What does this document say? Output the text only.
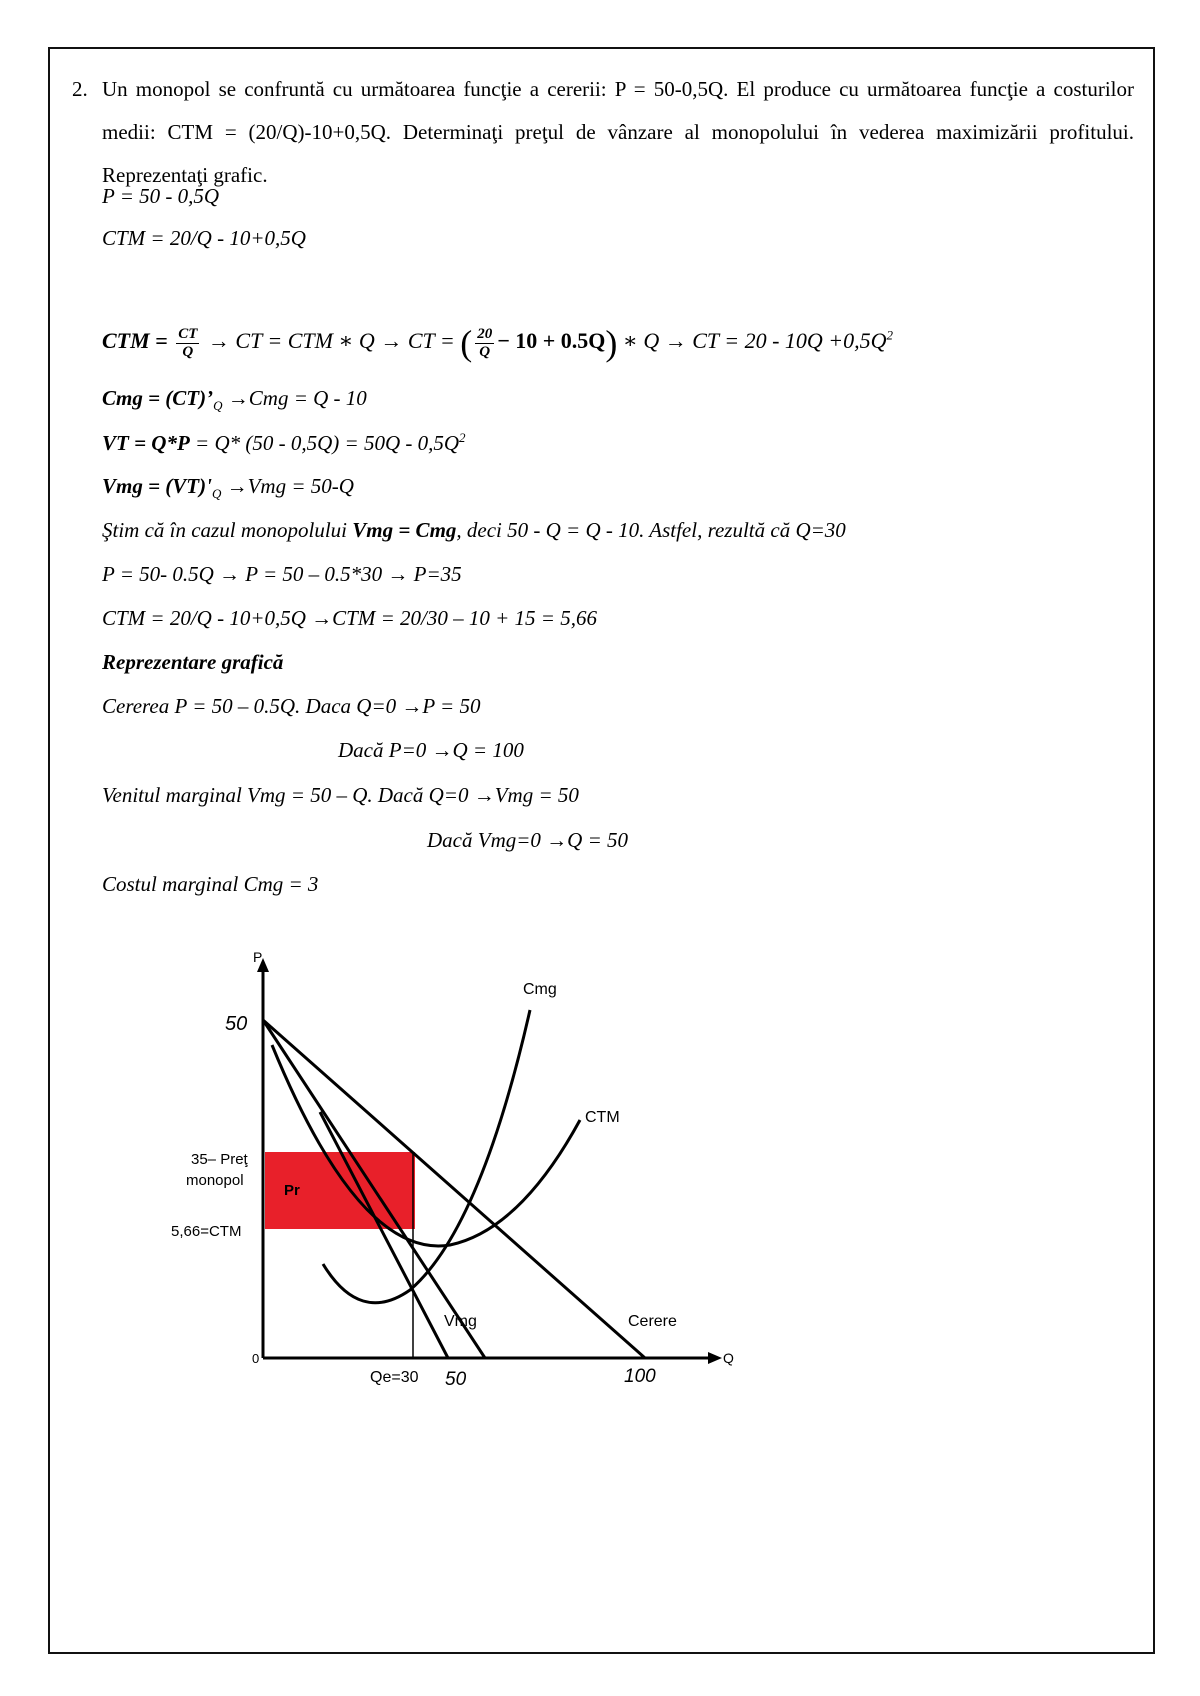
2. Un monopol se confruntă cu următoarea funcţie a cererii: P = 50-0,5Q. El produce cu următoarea funcţie a costurilor medii: CTM = (20/Q)-10+0,5Q. Determinaţi preţul de vânzare al monopolului în vederea maximizării profitului. Reprezentaţi grafic.
P = 50 - 0,5Q
CTM = 20/Q - 10+0,5Q
CTM = $\frac{CT}{Q}$ → CT = CTM ∗ Q → CT = ( $\frac{20}{Q} - 10 + 0.5Q$) ∗ Q → CT = $20 - 10Q +0,5Q^2$
Cmg = $(CT)’_Q \to Cmg = Q - 10$
VT = Q*P = Q* $(50 - 0,5Q) = 50Q - 0,5Q^2$
Vmg = $(VT)'_Q \to Vmg = 50-Q$
Ştim că în cazul monopolului Vmg = Cmg, deci 50 - Q = Q - 10. Astfel, rezultă că Q=30
P = 50- 0.5Q → P = 50 – 0.5*30 → P=35
CTM = 20/Q - 10+0,5Q →CTM = 20/30 – 10 + 15 = 5,66
Reprezentare grafică
Cererea P = 50 – 0.5Q. Daca Q=0 →P = 50
Dacă P=0 →Q = 100
Venitul marginal Vmg = 50 – Q. Dacă Q=0 →Vmg = 50
Dacă Vmg=0 →Q = 50
Costul marginal Cmg = 3
Pr
P
Q
0
50
35– Preţ
monopol
5,66=CTM
Cmg
CTM
Vmg	Cerere
Qe=30 50	100
